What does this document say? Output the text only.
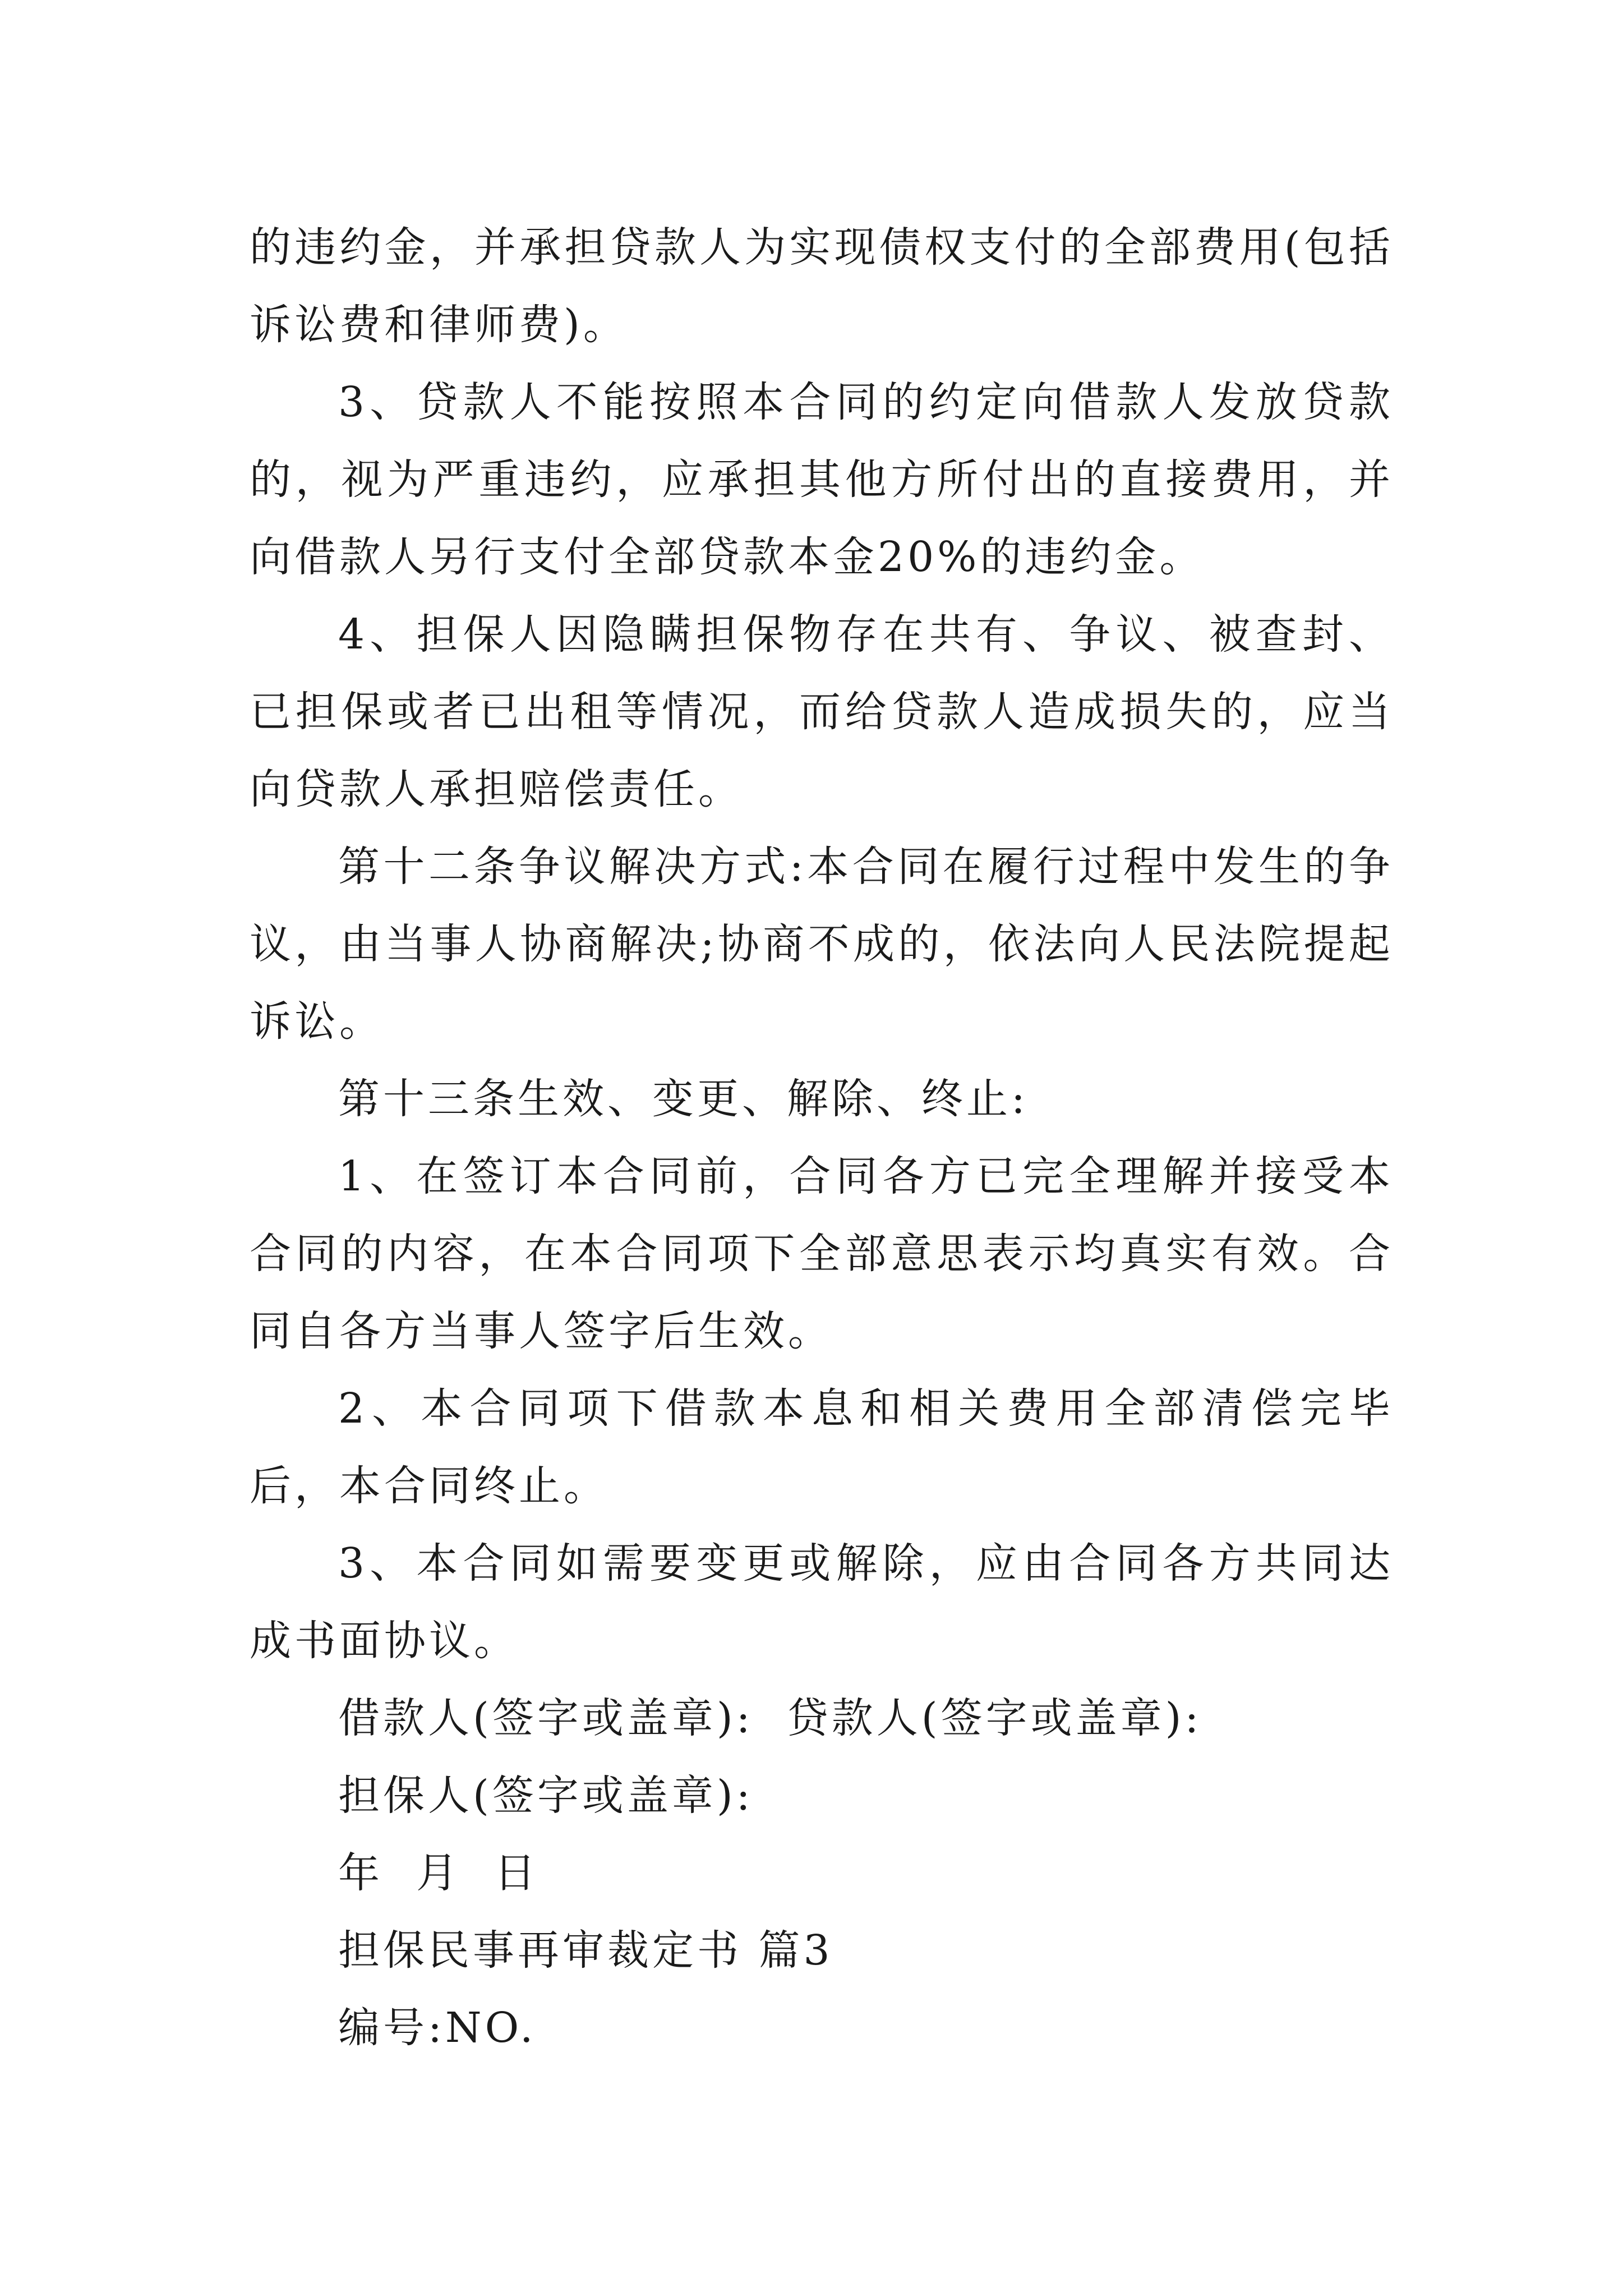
的违约金，并承担贷款人为实现债权支付的全部费用(包括诉讼费和律师费)。

3、贷款人不能按照本合同的约定向借款人发放贷款的，视为严重违约，应承担其他方所付出的直接费用，并向借款人另行支付全部贷款本金20%的违约金。

4、担保人因隐瞒担保物存在共有、争议、被查封、已担保或者已出租等情况，而给贷款人造成损失的，应当向贷款人承担赔偿责任。

第十二条争议解决方式:本合同在履行过程中发生的争议，由当事人协商解决;协商不成的，依法向人民法院提起诉讼。

第十三条生效、变更、解除、终止:

1、在签订本合同前，合同各方已完全理解并接受本合同的内容，在本合同项下全部意思表示均真实有效。合同自各方当事人签字后生效。

2、本合同项下借款本息和相关费用全部清偿完毕后，本合同终止。

3、本合同如需要变更或解除，应由合同各方共同达成书面协议。

借款人(签字或盖章): 贷款人(签字或盖章):
担保人(签字或盖章):
年  月  日
担保民事再审裁定书 篇3
编号:NO.
